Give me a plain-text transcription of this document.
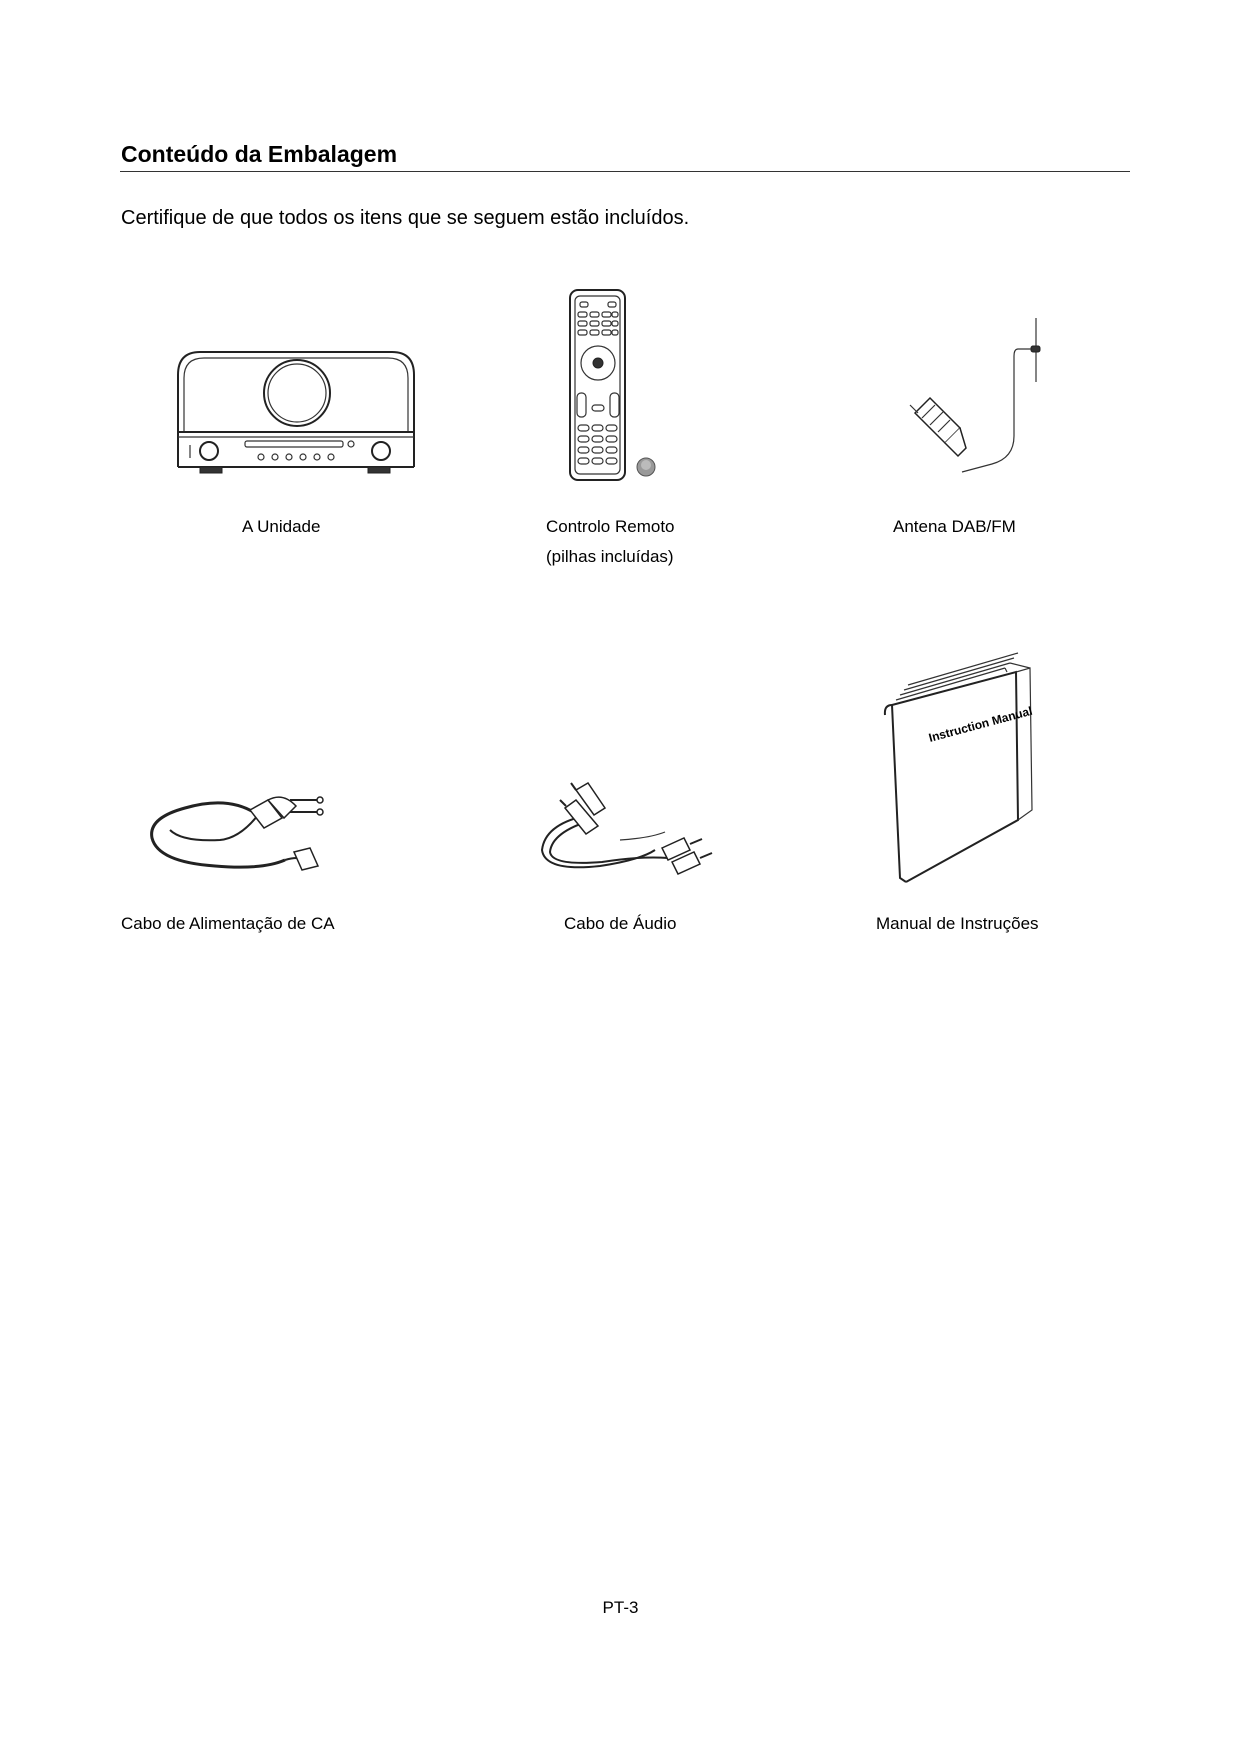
Conteúdo da Embalagem
Certifique de que todos os itens que se seguem estão incluídos.
A Unidade	Controlo Remoto
(pilhas incluídas)
Antena DAB/FM
Cabo de Alimentação de CA	Cabo de Áudio
Instruction Manual
Manual de Instruções
PT-3
